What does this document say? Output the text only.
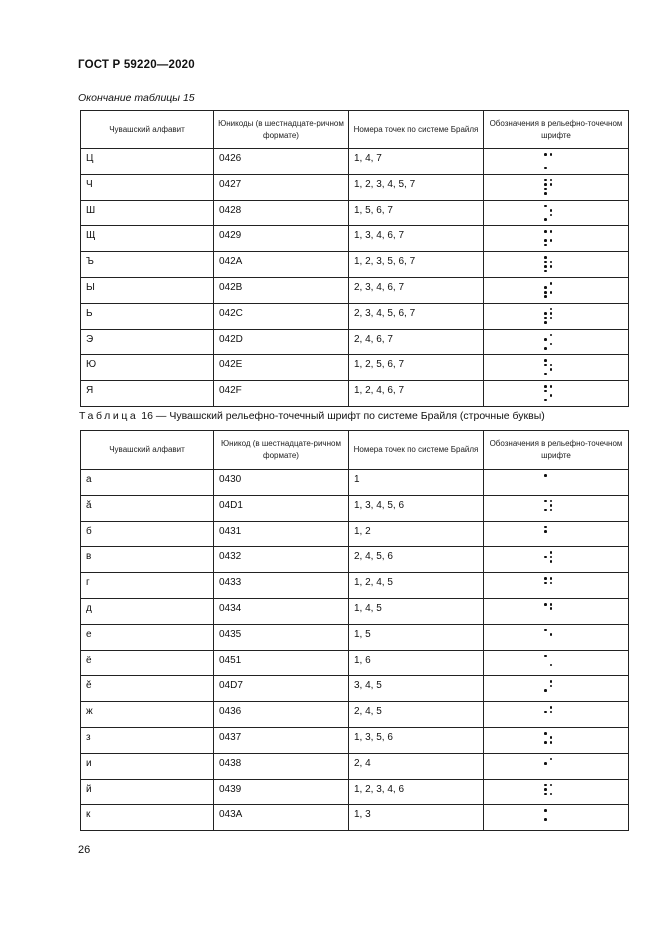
ГОСТ Р 59220—2020
Окончание таблицы 15
Чувашский алфавит	Юникоды (в шестнадцате-ричном формате)	Номера точек по системе Брайля	Обозначения в рельефно-точечном шрифте
Ц	0426	1, 4, 7	

Ч	0427	1, 2, 3, 4, 5, 7	

Ш	0428	1, 5, 6, 7	

Щ	0429	1, 3, 4, 6, 7	

Ъ	042A	1, 2, 3, 5, 6, 7	

Ы	042B	2, 3, 4, 6, 7	

Ь	042C	2, 3, 4, 5, 6, 7	

Э	042D	2, 4, 6, 7	

Ю	042E	1, 2, 5, 6, 7	

Я	042F	1, 2, 4, 6, 7	
Таблица 16 — Чувашский рельефно-точечный шрифт по системе Брайля (строчные буквы)
Чувашский алфавит	Юникод (в шестнадцате-ричном формате)	Номера точек по системе Брайля	Обозначения в рельефно-точечном шрифте
а	0430	1	

ӑ	04D1	1, 3, 4, 5, 6	

б	0431	1, 2	

в	0432	2, 4, 5, 6	

г	0433	1, 2, 4, 5	

д	0434	1, 4, 5	

е	0435	1, 5	

ё	0451	1, 6	

ӗ	04D7	3, 4, 5	

ж	0436	2, 4, 5	

з	0437	1, 3, 5, 6	

и	0438	2, 4	

й	0439	1, 2, 3, 4, 6	

к	043А	1, 3	
26
